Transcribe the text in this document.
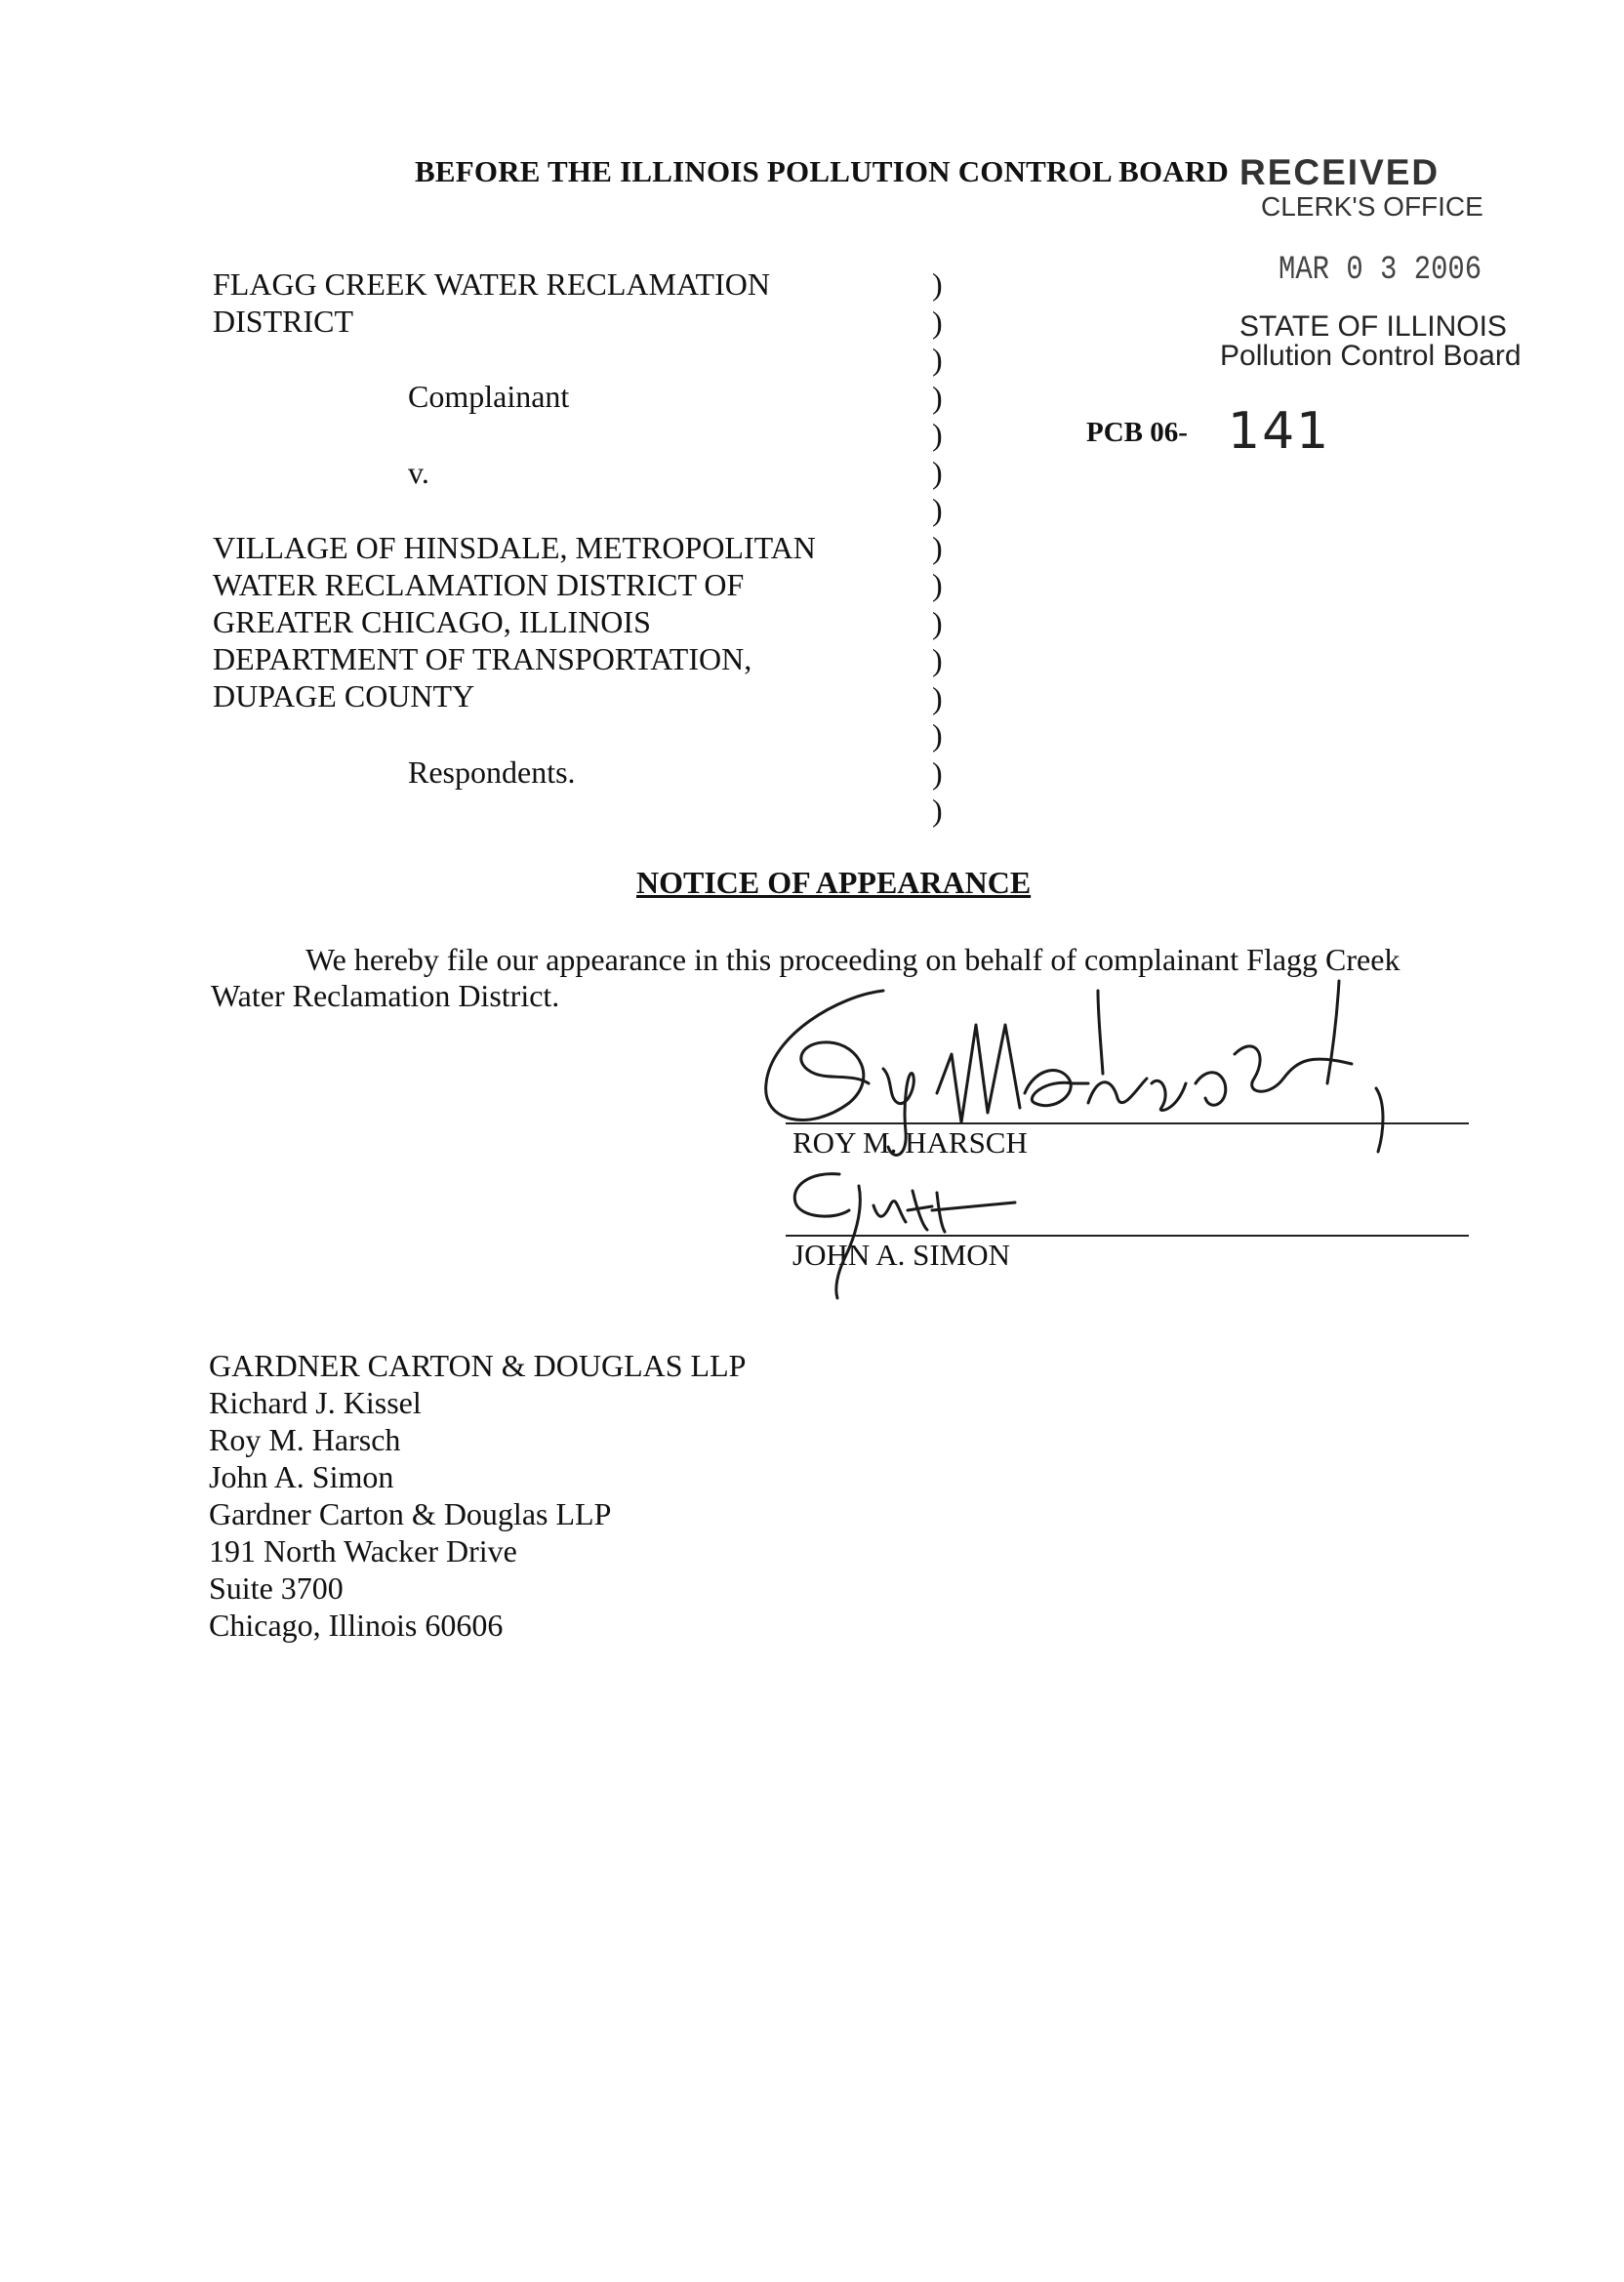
BEFORE THE ILLINOIS POLLUTION CONTROL BOARD RECEIVED
CLERK'S OFFICE
MAR 0 3 2006
STATE OF ILLINOIS
Pollution Control Board
PCB 06- 141
FLAGG CREEK WATER RECLAMATION
DISTRICT
Complainant
v.
VILLAGE OF HINSDALE, METROPOLITAN
WATER RECLAMATION DISTRICT OF
GREATER CHICAGO, ILLINOIS
DEPARTMENT OF TRANSPORTATION,
DUPAGE COUNTY
Respondents.
)
)
)
)
)
)
)
)
)
)
)
)
)
)
)
NOTICE OF APPEARANCE
We hereby file our appearance in this proceeding on behalf of complainant Flagg Creek
Water Reclamation District.
ROY M. HARSCH
JOHN A. SIMON
GARDNER CARTON & DOUGLAS LLP
Richard J. Kissel
Roy M. Harsch
John A. Simon
Gardner Carton & Douglas LLP
191 North Wacker Drive
Suite 3700
Chicago, Illinois 60606
